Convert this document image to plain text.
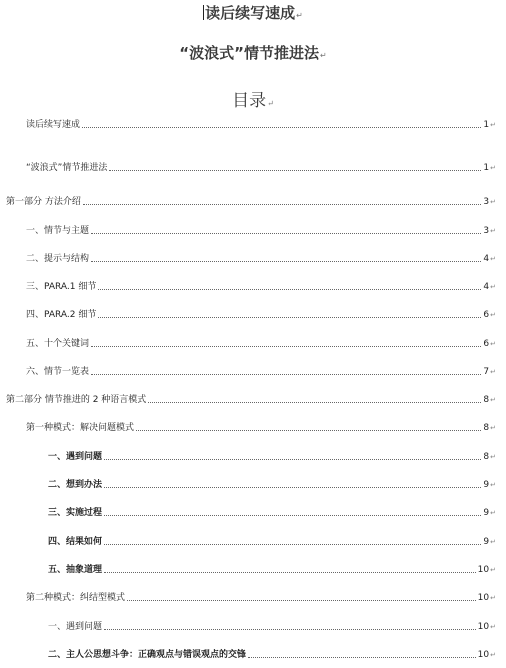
读后续写速成↵
“波浪式”情节推进法↵
目录↵
读后续写速成	1↵
“波浪式”情节推进法	1↵
第一部分 方法介绍	3↵
一、情节与主题	3↵
二、提示与结构	4↵
三、PARA.1 细节	4↵
四、PARA.2 细节	6↵
五、十个关键词	6↵
六、情节一览表	7↵
第二部分 情节推进的 2 种语言模式	8↵
第一种模式：解决问题模式	8↵
一、遇到问题	8↵
二、想到办法	9↵
三、实施过程	9↵
四、结果如何	9↵
五、抽象道理	10↵
第二种模式：纠结型模式	10↵
一、遇到问题	10↵
二、主人公思想斗争：正确观点与错误观点的交锋	10↵
